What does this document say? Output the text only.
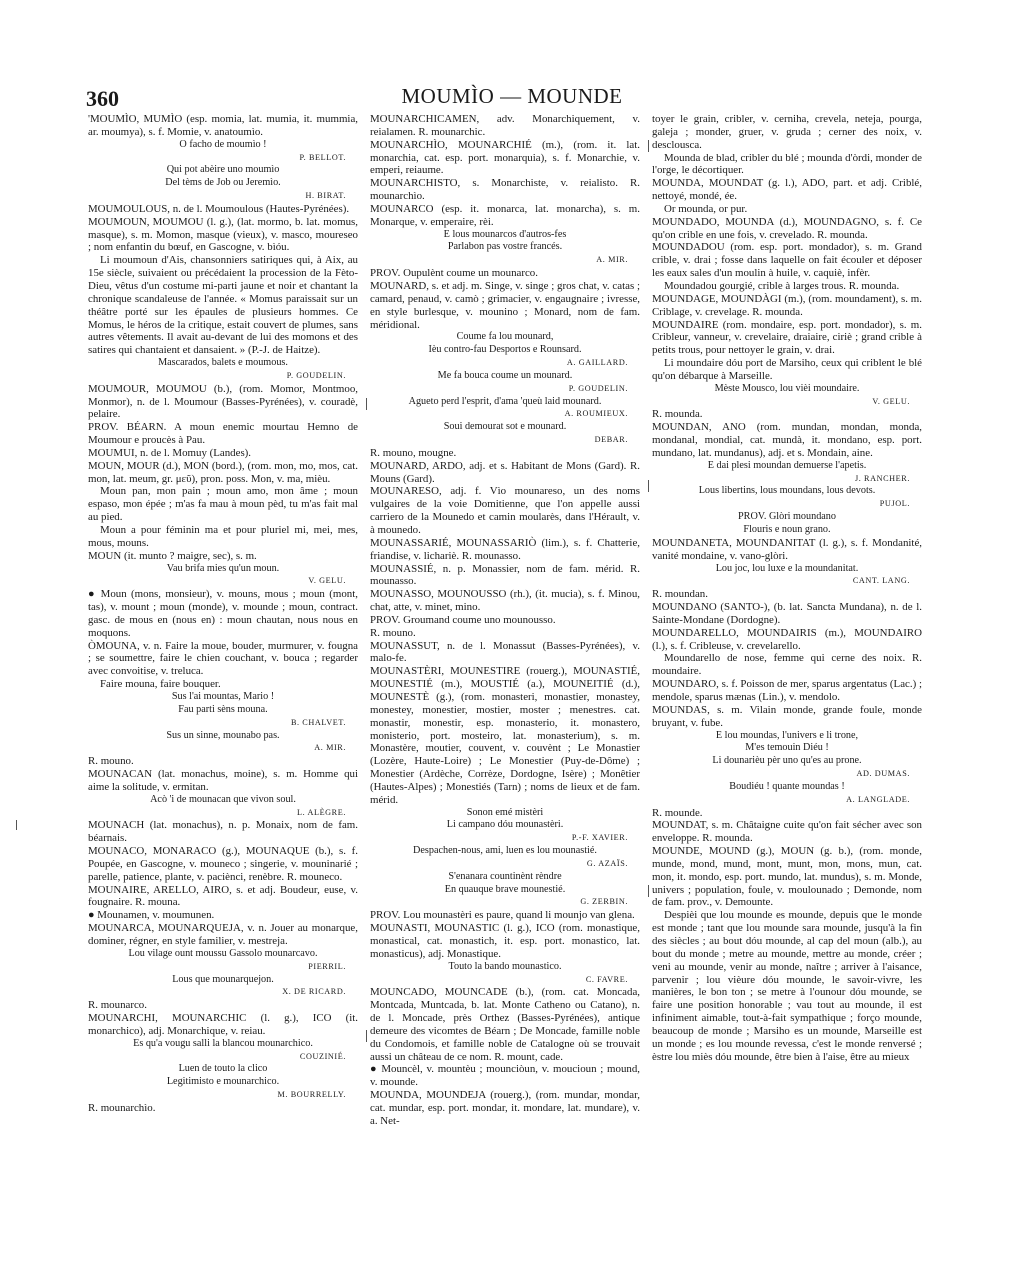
360	MOUMÌO — MOUNDE

'MOUMÌO, MUMÌO (esp. momia, lat. mumia, it. mummia, ar. moumya), s. f. Momie, v. anatoumìo.

O facho de moumìo !

P. BELLOT.

Qui pot abèire uno moumìo

Del tèms de Job ou Jeremìo.

H. BIRAT.

MOUMOULOUS, n. de l. Moumoulous (Hautes-Pyrénées).

MOUMOUN, MOUMOU (l. g.), (lat. mormo, b. lat. momus, masque), s. m. Momon, masque (vieux), v. masco, moureseo ; nom enfantin du bœuf, en Gascogne, v. bìóu.

Li moumoun d'Ais, chansonniers satiriques qui, à Aix, au 15e siècle, suivaient ou précédaient la procession de la Fèto-Dieu, vêtus d'un costume mi-parti jaune et noir et chantant la chronique scandaleuse de l'année. « Momus paraissait sur un théâtre porté sur les épaules de plusieurs hommes. Ce Momus, le héros de la critique, estait couvert de plumes, sans autres vêtements. Il avait au-devant de lui des momons et des satires qui chantaient et dansaient. » (P.-J. de Haitze).

Mascarados, balets e moumous.

P. GOUDELIN.

MOUMOUR, MOUMOU (b.), (rom. Momor, Montmoo, Monmor), n. de l. Moumour (Basses-Pyrénées), v. couradè, pelaire.

PROV. BÉARN. A moun enemic mourtau Hemno de Moumour e proucès à Pau.

MOUMUI, n. de l. Momuy (Landes).

MOUN, MOUR (d.), MON (bord.), (rom. mon, mo, mos, cat. mon, lat. meum, gr. μεῦ), pron. poss. Mon, v. ma, mièu.

Moun pan, mon pain ; moun amo, mon âme ; moun espaso, mon épée ; m'as fa mau à moun pèd, tu m'as fait mal au pied.

Moun a pour féminin ma et pour pluriel mi, mei, mes, mous, mouns.

MOUN (it. munto ? maigre, sec), s. m.

Vau brifa mies qu'un moun.

V. GELU.

● Moun (mons, monsieur), v. mouns, mous ; moun (mont, tas), v. mount ; moun (monde), v. mounde ; moun, contract. gasc. de mous en (nous en) : moun chautan, nous nous en moquons.

ÒMOUNA, v. n. Faire la moue, bouder, murmurer, v. fougna ; se soumettre, faire le chien couchant, v. bouca ; regarder avec convoitise, v. treluca.

Faire mouna, faire bouquer.

Sus l'ai mountas, Mario !

Fau parti sèns mouna.

B. CHALVET.

Sus un sinne, mounabo pas.

A. MIR.

R. mouno.

MOUNACAN (lat. monachus, moine), s. m. Homme qui aime la solitude, v. ermitan.

Acò 'i de mounacan que vivon soul.

L. ALÈGRE.

MOUNACH (lat. monachus), n. p. Monaix, nom de fam. béarnais.

MOUNACO, MONARACO (g.), MOUNAQUE (b.), s. f. Poupée, en Gascogne, v. mouneco ; singerie, v. mouninarié ; parelle, patience, plante, v. paciènci, renèbre. R. mouneco.

MOUNAIRE, ARELLO, AIRO, s. et adj. Boudeur, euse, v. fougnaire. R. mouna.

● Mounamen, v. moumunen.

MOUNARCA, MOUNARQUEJA, v. n. Jouer au monarque, dominer, régner, en style familier, v. mestreja.

Lou vilage ount moussu Gassolo mounarcavo.

PIERRIL.

Lous que mounarquejon.

X. DE RICARD.

R. mounarco.

MOUNARCHI, MOUNARCHIC (l. g.), ICO (it. monarchico), adj. Monarchique, v. reiau.

Es qu'a vougu salli la blancou mounarchico.

COUZINIÉ.

Luen de touto la clico

Legitimisto e mounarchico.

M. BOURRELLY.

R. mounarchìo.

MOUNARCHICAMEN, adv. Monarchiquement, v. reialamen. R. mounarchic.

MOUNARCHÌO, MOUNARCHIÉ (m.), (rom. it. lat. monarchia, cat. esp. port. monarquia), s. f. Monarchie, v. emperi, reiaume.

MOUNARCHISTO, s. Monarchiste, v. reialisto. R. mounarchìo.

MOUNARCO (esp. it. monarca, lat. monarcha), s. m. Monarque, v. emperaire, rèi.

E lous mounarcos d'autros-fes

Parlabon pas vostre francés.

A. MIR.

PROV. Oupulènt coume un mounarco.

MOUNARD, s. et adj. m. Singe, v. singe ; gros chat, v. catas ; camard, penaud, v. camò ; grimacier, v. engaugnaire ; ivresse, en style burlesque, v. mounino ; Monard, nom de fam. méridional.

Coume fa lou mounard,

Ièu contro-fau Desportos e Rounsard.

A. GAILLARD.

Me fa bouca coume un mounard.

P. GOUDELIN.

Agueto perd l'esprit, d'ama 'queù laid mounard.

A. ROUMIEUX.

Soui demourat sot e mounard.

DEBAR.

R. mouno, mougne.

MOUNARD, ARDO, adj. et s. Habitant de Mons (Gard). R. Mouns (Gard).

MOUNARESO, adj. f. Vìo mounareso, un des noms vulgaires de la voie Domitienne, que l'on appelle aussi carriero de la Mounedo et camin moularès, dans l'Hérault, v. à mounedo.

MOUNASSARIÉ, MOUNASSARIÒ (lim.), s. f. Chatterie, friandise, v. lichariè. R. mounasso.

MOUNASSIÉ, n. p. Monassier, nom de fam. mérid. R. mounasso.

MOUNASSO, MOUNOUSSO (rh.), (it. mucia), s. f. Minou, chat, atte, v. minet, mino.

PROV. Groumand coume uno mounousso.

R. mouno.

MOUNASSUT, n. de l. Monassut (Basses-Pyrénées), v. malo-fe.

MOUNASTÈRI, MOUNESTIRE (rouerg.), MOUNASTIÉ, MOUNESTIÉ (m.), MOUSTIÉ (a.), MOUNEITIÉ (d.), MOUNESTÈ (g.), (rom. monasteri, monastier, monastey, monestey, monestier, mostier, moster ; menestres. cat. monastir, monestir, esp. monasterio, it. monastero, monisterio, port. mosteiro, lat. monasterium), s. m. Monastère, moutier, couvent, v. couvènt ; Le Monastier (Lozère, Haute-Loire) ; Le Monestier (Puy-de-Dôme) ; Monestier (Ardèche, Corrèze, Dordogne, Isère) ; Monêtier (Hautes-Alpes) ; Monestiés (Tarn) ; noms de lieux et de fam. mérid.

Sonon emé mistèri

Li campano dóu mounastèri.

P.-F. XAVIER.

Despachen-nous, ami, luen es lou mounastié.

G. AZAÏS.

S'enanara countinènt rèndre

En quauque brave mounestié.

G. ZERBIN.

PROV. Lou mounastèri es paure, quand li mounjo van glena.

MOUNASTI, MOUNASTIC (l. g.), ICO (rom. monastique, monastical, cat. monastich, it. esp. port. monastico, lat. monasticus), adj. Monastique.

Touto la bando mounastico.

C. FAVRE.

MOUNCADO, MOUNCADE (b.), (rom. cat. Moncada, Montcada, Muntcada, b. lat. Monte Catheno ou Catano), n. de l. Moncade, près Orthez (Basses-Pyrénées), antique demeure des vicomtes de Béarn ; De Moncade, famille noble du Condomois, et famille noble de Catalogne où se trouvait aussi un château de ce nom. R. mount, cade.

● Mouncèl, v. mountèu ; mounciòun, v. moucioun ; mound, v. mounde.

MOUNDA, MOUNDEJA (rouerg.), (rom. mundar, mondar, cat. mundar, esp. port. mondar, it. mondare, lat. mundare), v. a. Net-

toyer le grain, cribler, v. cerniha, crevela, neteja, pourga, galeja ; monder, gruer, v. gruda ; cerner des noix, v. desclousca.

Mounda de blad, cribler du blé ; mounda d'òrdi, monder de l'orge, le décortiquer.

MOUNDA, MOUNDAT (g. l.), ADO, part. et adj. Criblé, nettoyé, mondé, ée.

Or mounda, or pur.

MOUNDADO, MOUNDA (d.), MOUNDAGNO, s. f. Ce qu'on crible en une fois, v. crevelado. R. mounda.

MOUNDADOU (rom. esp. port. mondador), s. m. Grand crible, v. drai ; fosse dans laquelle on fait écouler et déposer les eaux sales d'un moulin à huile, v. caquiè, infèr.

Moundadou gourgié, crible à larges trous. R. mounda.

MOUNDAGE, MOUNDÀGI (m.), (rom. moundament), s. m. Criblage, v. crevelage. R. mounda.

MOUNDAIRE (rom. mondaire, esp. port. mondador), s. m. Cribleur, vanneur, v. crevelaire, draiaire, ciriè ; grand crible à petits trous, pour nettoyer le grain, v. drai.

Li moundaire dóu port de Marsiho, ceux qui criblent le blé qu'on débarque à Marseille.

Mèste Mousco, lou vièi moundaire.

V. GELU.

R. mounda.

MOUNDAN, ANO (rom. mundan, mondan, monda, mondanal, mondial, cat. mundà, it. mondano, esp. port. mundano, lat. mundanus), adj. et s. Mondain, aine.

E dai plesi moundan demuerse l'apetis.

J. RANCHER.

Lous libertins, lous moundans, lous devots.

PUJOL.

PROV. Glòri moundano

Flouris e noun grano.

MOUNDANETA, MOUNDANITAT (l. g.), s. f. Mondanité, vanité mondaine, v. vano-glòri.

Lou joc, lou luxe e la moundanitat.

CANT. LANG.

R. moundan.

MOUNDANO (SANTO-), (b. lat. Sancta Mundana), n. de l. Sainte-Mondane (Dordogne).

MOUNDARELLO, MOUNDAIRIS (m.), MOUNDAIRO (l.), s. f. Cribleuse, v. crevelarello.

Moundarello de nose, femme qui cerne des noix. R. moundaire.

MOUNDARO, s. f. Poisson de mer, sparus argentatus (Lac.) ; mendole, sparus mænas (Lin.), v. mendolo.

MOUNDAS, s. m. Vilain monde, grande foule, monde bruyant, v. fube.

E lou moundas, l'univers e li trone,

M'es temouin Diéu !

Li dounarièu pèr uno qu'es au prone.

AD. DUMAS.

Boudiéu ! quante moundas !

A. LANGLADE.

R. mounde.

MOUNDAT, s. m. Châtaigne cuite qu'on fait sécher avec son enveloppe. R. mounda.

MOUNDE, MOUND (g.), MOUN (g. b.), (rom. monde, munde, mond, mund, mont, munt, mon, mons, mun, cat. mon, it. mondo, esp. port. mundo, lat. mundus), s. m. Monde, univers ; population, foule, v. moulounado ; Demonde, nom de fam. prov., v. Demounte.

Despièi que lou mounde es mounde, depuis que le monde est monde ; tant que lou mounde sara mounde, jusqu'à la fin des siècles ; au bout dóu mounde, al cap del moun (alb.), au bout du monde ; metre au mounde, mettre au monde, créer ; veni au mounde, venir au monde, naître ; arriver à l'aisance, parvenir ; lou vièure dóu mounde, le savoir-vivre, les manières, le bon ton ; se metre à l'ounour dóu mounde, se faire une position honorable ; vau tout au mounde, il est infiniment aimable, tout-à-fait sympathique ; forço mounde, beaucoup de monde ; Marsiho es un mounde, Marseille est un monde ; es lou mounde revessa, c'est le monde renversé ; èstre lou miès dóu mounde, être bien à l'aise, être au mieux
